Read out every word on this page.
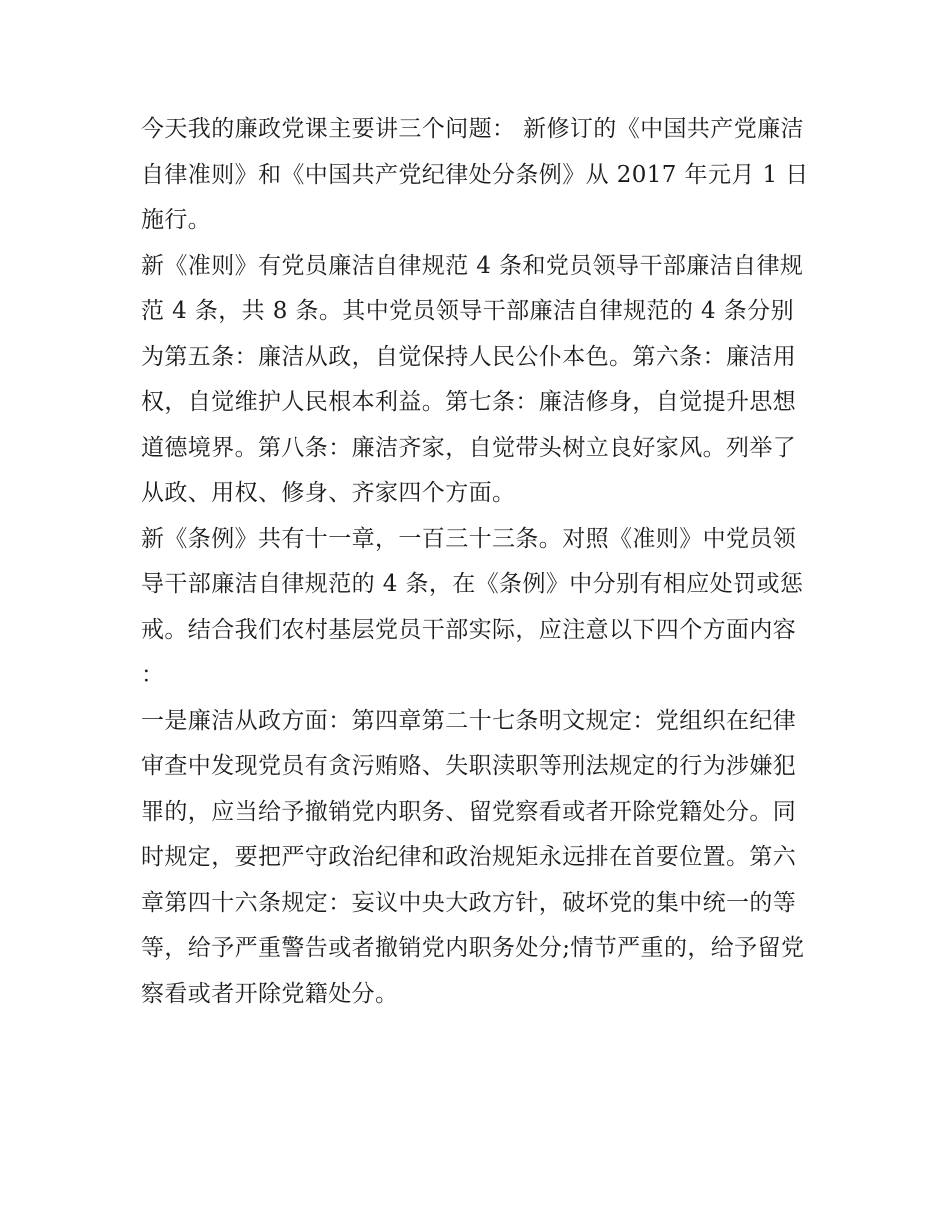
今天我的廉政党课主要讲三个问题： 新修订的《中国共产党廉洁自律准则》和《中国共产党纪律处分条例》从 2017 年元月 1 日施行。

新《准则》有党员廉洁自律规范 4 条和党员领导干部廉洁自律规范 4 条，共 8 条。其中党员领导干部廉洁自律规范的 4 条分别为第五条：廉洁从政，自觉保持人民公仆本色。第六条：廉洁用权，自觉维护人民根本利益。第七条：廉洁修身，自觉提升思想道德境界。第八条：廉洁齐家，自觉带头树立良好家风。列举了从政、用权、修身、齐家四个方面。

新《条例》共有十一章，一百三十三条。对照《准则》中党员领导干部廉洁自律规范的 4 条，在《条例》中分别有相应处罚或惩戒。结合我们农村基层党员干部实际，应注意以下四个方面内容：

一是廉洁从政方面：第四章第二十七条明文规定：党组织在纪律审查中发现党员有贪污贿赂、失职渎职等刑法规定的行为涉嫌犯罪的，应当给予撤销党内职务、留党察看或者开除党籍处分。同时规定，要把严守政治纪律和政治规矩永远排在首要位置。第六章第四十六条规定：妄议中央大政方针，破坏党的集中统一的等等，给予严重警告或者撤销党内职务处分;情节严重的，给予留党察看或者开除党籍处分。
